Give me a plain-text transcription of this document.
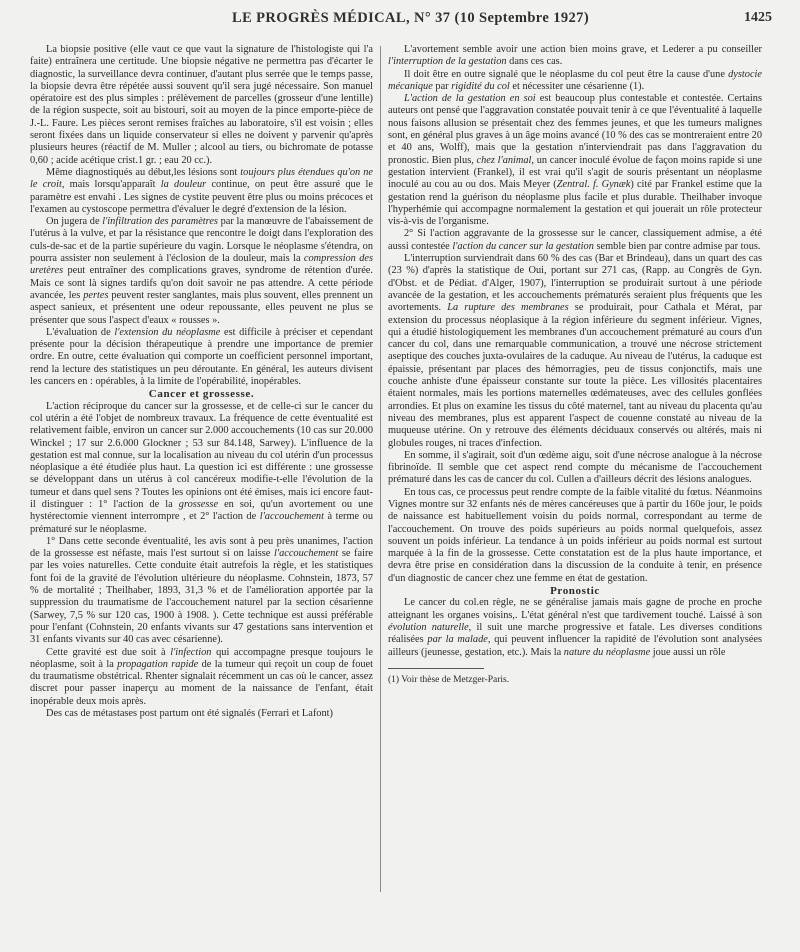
LE PROGRÈS MÉDICAL, N° 37 (10 Septembre 1927)	1425

La biopsie positive (elle vaut ce que vaut la signature de l'histologiste qui l'a faite) entraînera une certitude. Une biopsie négative ne permettra pas d'écarter le diagnostic, la surveillance devra continuer, d'autant plus serrée que le temps passe, la biopsie devra être répétée aussi souvent qu'il sera jugé nécessaire. Son manuel opératoire est des plus simples : prélèvement de parcelles (grosseur d'une lentille) de la région suspecte, soit au bistouri, soit au moyen de la pince emporte-pièce de J.-L. Faure. Les pièces seront remises fraîches au laboratoire, s'il est voisin ; elles seront fixées dans un liquide conservateur si elles ne doivent y parvenir qu'après plusieurs heures (réactif de M. Muller ; alcool au tiers, ou bichromate de potasse 0,60 ; acide acétique crist.1 gr. ; eau 20 cc.).

Même diagnostiqués au début,les lésions sont toujours plus étendues qu'on ne le croit, mais lorsqu'apparaît la douleur continue, on peut être assuré que le paramètre est envahi . Les signes de cystite peuvent être plus ou moins précoces et l'examen au cystoscope permettra d'évaluer le degré d'extension de la lésion.

On jugera de l'infiltration des paramètres par la manœuvre de l'abaissement de l'utérus à la vulve, et par la résistance que rencontre le doigt dans l'exploration des culs-de-sac et de la partie supérieure du vagin. Lorsque le néoplasme s'étendra, on pourra assister non seulement à l'éclosion de la douleur, mais la compression des uretères peut entraîner des complications graves, syndrome de rétention d'urée. Mais ce sont là signes tardifs qu'on doit savoir ne pas attendre. A cette période avancée, les pertes peuvent rester sanglantes, mais plus souvent, elles prennent un aspect sanieux, et présentent une odeur repoussante, elles peuvent ne plus se présenter que sous l'aspect d'eaux « rousses ».

L'évaluation de l'extension du néoplasme est difficile à préciser et cependant présente pour la décision thérapeutique à prendre une importance de premier ordre. En outre, cette évaluation qui comporte un coefficient personnel important, rend la lecture des statistiques un peu déroutante. En général, les auteurs divisent les cancers en : opérables, à la limite de l'opérabilité, inopérables.

Cancer et grossesse.

L'action réciproque du cancer sur la grossesse, et de celle-ci sur le cancer du col utérin a été l'objet de nombreux travaux. La fréquence de cette éventualité est relativement faible, environ un cancer sur 2.000 accouchements (10 cas sur 20.000 Winckel ; 17 sur 2.6.000 Glockner ; 53 sur 84.148, Sarwey). L'influence de la gestation est mal connue, sur la localisation au niveau du col utérin d'un processus néoplasique a été étudiée plus haut. La question ici est différente : une grossesse se développant dans un utérus à col cancéreux modifie-t-elle l'évolution de la tumeur et dans quel sens ? Toutes les opinions ont été émises, mais ici encore faut-il distinguer : 1° l'action de la grossesse en soi, qu'un avortement ou une hystérectomie viennent interrompre , et 2° l'action de l'accouchement à terme ou prématuré sur le néoplasme.

1° Dans cette seconde éventualité, les avis sont à peu près unanimes, l'action de la grossesse est néfaste, mais l'est surtout si on laisse l'accouchement se faire par les voies naturelles. Cette conduite était autrefois la règle, et les statistiques font foi de la gravité de l'évolution ultérieure du néoplasme. Cohnstein, 1873, 57 % de mortalité ; Theilhaber, 1893, 31,3 % et de l'amélioration apportée par la suppression du traumatisme de l'accouchement naturel par la section césarienne (Sarwey, 7,5 % sur 120 cas, 1900 à 1908. ). Cette technique est aussi préférable pour l'enfant (Cohnstein, 20 enfants vivants sur 47 gestations sans intervention et 31 enfants vivants sur 40 cas avec césarienne).

Cette gravité est due soit à l'infection qui accompagne presque toujours le néoplasme, soit à la propagation rapide de la tumeur qui reçoit un coup de fouet du traumatisme obstétrical. Rhenter signalait récemment un cas où le cancer, assez discret pour passer inaperçu au moment de la naissance de l'enfant, était inopérable deux mois après.

Des cas de métastases post partum ont été signalés (Ferrari et Lafont)

L'avortement semble avoir une action bien moins grave, et Lederer a pu conseiller l'interruption de la gestation dans ces cas.

Il doit être en outre signalé que le néoplasme du col peut être la cause d'une dystocie mécanique par rigidité du col et nécessiter une césarienne (1).

L'action de la gestation en soi est beaucoup plus contestable et contestée. Certains auteurs ont pensé que l'aggravation constatée pouvait tenir à ce que l'éventualité à laquelle nous faisons allusion se présentait chez des femmes jeunes, et que les tumeurs malignes sont, en général plus graves à un âge moins avancé (10 % des cas se montreraient entre 20 et 40 ans, Wolff), mais que la gestation n'interviendrait pas dans l'aggravation du pronostic. Bien plus, chez l'animal, un cancer inoculé évolue de façon moins rapide si une gestation intervient (Frankel), il est vrai qu'il s'agit de souris présentant un néoplasme inoculé au cou au ou dos. Mais Meyer (Zentral. f. Gynæk) cité par Frankel estime que la gestation rend la guérison du néoplasme plus facile et plus durable. Theilhaber invoque l'hyperhémie qui accompagne normalement la gestation et qui jouerait un rôle protecteur vis-à-vis de l'organisme.

2° Si l'action aggravante de la grossesse sur le cancer, classiquement admise, a été aussi contestée l'action du cancer sur la gestation semble bien par contre admise par tous.

L'interruption surviendrait dans 60 % des cas (Bar et Brindeau), dans un quart des cas (23 %) d'après la statistique de Oui, portant sur 271 cas, (Rapp. au Congrès de Gyn. d'Obst. et de Pédiat. d'Alger, 1907), l'interruption se produirait surtout à une période avancée de la gestation, et les accouchements prématurés seraient plus fréquents que les avortements. La rupture des membranes se produirait, pour Cathala et Mérat, par extension du processus néoplasique à la région inférieure du segment inférieur. Vignes, qui a étudié histologiquement les membranes d'un accouchement prématuré au cours d'un cancer du col, dans une remarquable communication, a trouvé une nécrose strictement aseptique des couches juxta-ovulaires de la caduque. Au niveau de l'utérus, la caduque est épaissie, présentant par places des hémorragies, peu de tissus conjonctifs, mais une couche anhiste d'une épaisseur constante sur toute la pièce. Les villosités placentaires étaient normales, mais les portions maternelles œdémateuses, avec des cellules gonflées arrondies. Et plus on examine les tissus du côté maternel, tant au niveau du placenta qu'au niveau des membranes, plus est apparent l'aspect de couenne constaté au niveau de la muqueuse utérine. On y retrouve des éléments déciduaux conservés ou altérés, mais ni globules rouges, ni traces d'infection.

En somme, il s'agirait, soit d'un œdème aigu, soit d'une nécrose analogue à la nécrose fibrinoïde. Il semble que cet aspect rend compte du mécanisme de l'accouchement prématuré dans les cas de cancer du col. Cullen a d'ailleurs décrit des lésions analogues.

En tous cas, ce processus peut rendre compte de la faible vitalité du fœtus. Néanmoins Vignes montre sur 32 enfants nés de mères cancéreuses que à partir du 160e jour, le poids de naissance est habituellement voisin du poids normal, correspondant au terme de l'accouchement. On trouve des poids supérieurs au poids normal quelquefois, assez souvent un poids inférieur. La tendance à un poids inférieur au poids normal est surtout marquée à la fin de la grossesse. Cette constatation est de la plus haute importance, et devra être prise en considération dans la discussion de la conduite à tenir, en présence d'un diagnostic de cancer chez une femme en état de gestation.

Pronostic

Le cancer du col.en règle, ne se généralise jamais mais gagne de proche en proche atteignant les organes voisins,. L'état général n'est que tardivement touché. Laissé à son évolution naturelle, il suit une marche progressive et fatale. Les diverses conditions réalisées par la malade, qui peuvent influencer la rapidité de l'évolution sont analysées ailleurs (jeunesse, gestation, etc.). Mais la nature du néoplasme joue aussi un rôle

(1) Voir thèse de Metzger-Paris.
